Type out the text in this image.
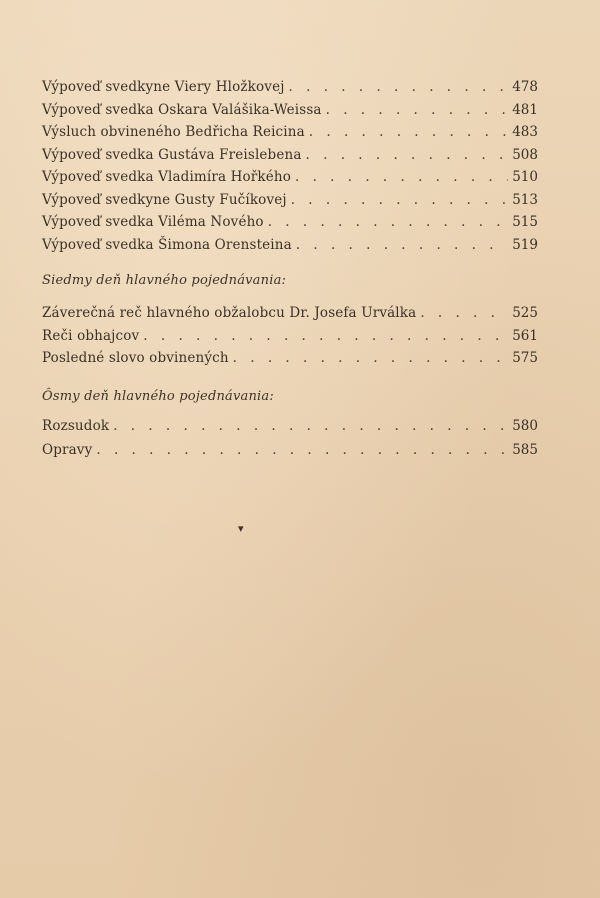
Výpoveď svedkyne Viery Hložkovej . . .	478
Výpoveď svedka Oskara Valášika-Weissa . . .	481
Výsluch obvineného Bedřicha Reicina . . .	483
Výpoveď svedka Gustáva Freislebena . . .	508
Výpoveď svedka Vladimíra Hořkého . . .	510
Výpoveď svedkyne Gusty Fučíkovej . . .	513
Výpoveď svedka Viléma Nového . . .	515
Výpoveď svedka Šimona Orensteina . . .	519
Siedmy deň hlavného pojednávania:
Záverečná reč hlavného obžalobcu Dr. Josefa Urválka . . .	525
Reči obhajcov . . .	561
Posledné slovo obvinených . . .	575
Ôsmy deň hlavného pojednávania:
Rozsudok . . .	580
Opravy . . .	585
▾
